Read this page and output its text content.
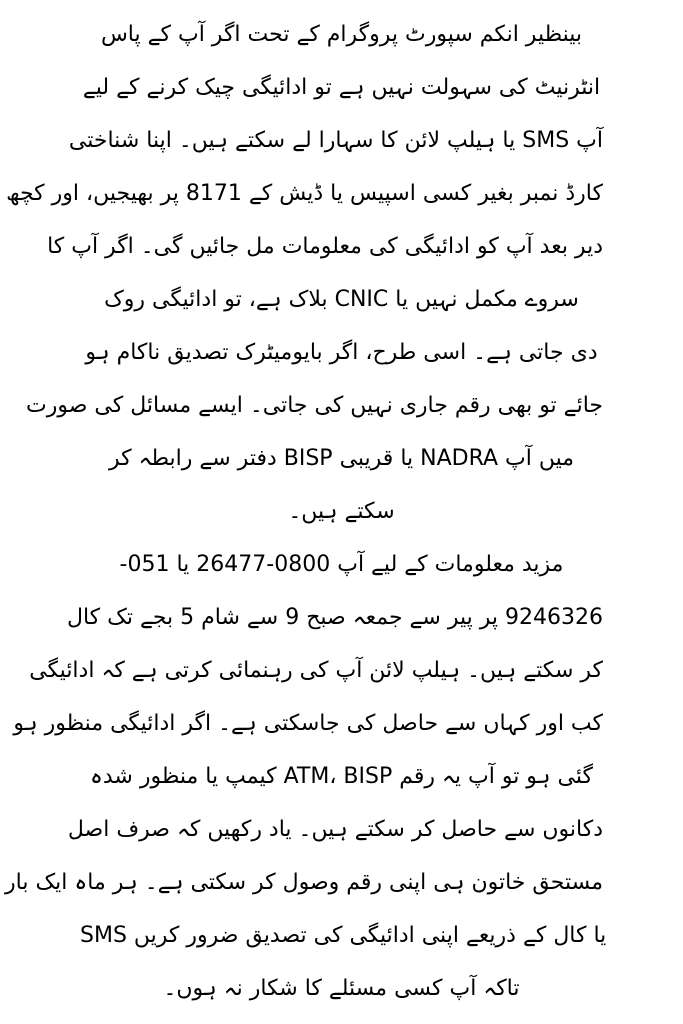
بینظیر انکم سپورٹ پروگرام کے تحت اگر آپ کے پاس
انٹرنیٹ کی سہولت نہیں ہے تو ادائیگی چیک کرنے کے لیے
آپ SMS یا ہیلپ لائن کا سہارا لے سکتے ہیں۔ اپنا شناختی
کارڈ نمبر بغیر کسی اسپیس یا ڈیش کے 8171 پر بھیجیں، اور کچھ
دیر بعد آپ کو ادائیگی کی معلومات مل جائیں گی۔ اگر آپ کا
سروے مکمل نہیں یا CNIC بلاک ہے، تو ادائیگی روک
دی جاتی ہے۔ اسی طرح، اگر بایومیٹرک تصدیق ناکام ہو
جائے تو بھی رقم جاری نہیں کی جاتی۔ ایسے مسائل کی صورت
میں آپ NADRA یا قریبی BISP دفتر سے رابطہ کر
سکتے ہیں۔
مزید معلومات کے لیے آپ 0800-26477 یا 051-
9246326 پر پیر سے جمعہ صبح 9 سے شام 5 بجے تک کال
کر سکتے ہیں۔ ہیلپ لائن آپ کی رہنمائی کرتی ہے کہ ادائیگی
کب اور کہاں سے حاصل کی جاسکتی ہے۔ اگر ادائیگی منظور ہو
گئی ہو تو آپ یہ رقم ATM، BISP کیمپ یا منظور شدہ
دکانوں سے حاصل کر سکتے ہیں۔ یاد رکھیں کہ صرف اصل
مستحق خاتون ہی اپنی رقم وصول کر سکتی ہے۔ ہر ماہ ایک بار
SMS یا کال کے ذریعے اپنی ادائیگی کی تصدیق ضرور کریں
تاکہ آپ کسی مسئلے کا شکار نہ ہوں۔
